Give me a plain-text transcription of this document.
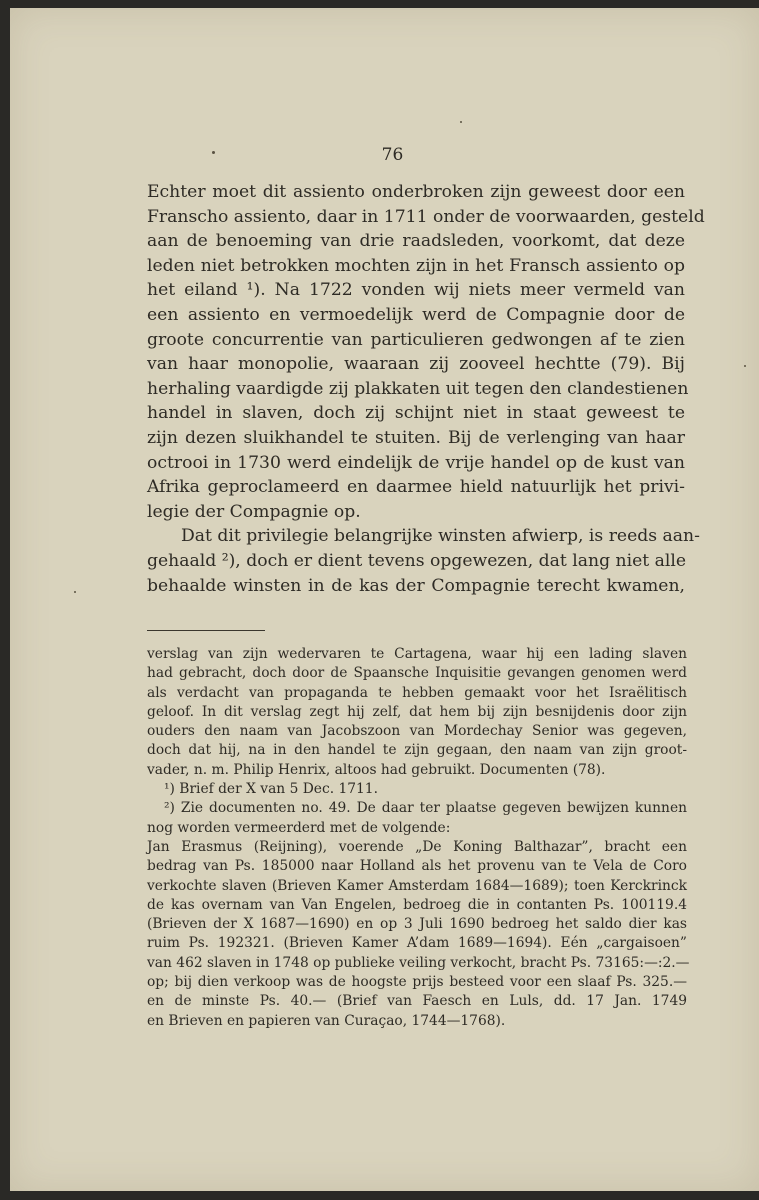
76
Echter moet dit assiento onderbroken zijn geweest door een
Franscho assiento, daar in 1711 onder de voorwaarden, gesteld
aan de benoeming van drie raadsleden, voorkomt, dat deze
leden niet betrokken mochten zijn in het Fransch assiento op
het eiland ¹). Na 1722 vonden wij niets meer vermeld van
een assiento en vermoedelijk werd de Compagnie door de
groote concurrentie van particulieren gedwongen af te zien
van haar monopolie, waaraan zij zooveel hechtte (79). Bij
herhaling vaardigde zij plakkaten uit tegen den clandestienen
handel in slaven, doch zij schijnt niet in staat geweest te
zijn dezen sluikhandel te stuiten. Bij de verlenging van haar
octrooi in 1730 werd eindelijk de vrije handel op de kust van
Afrika geproclameerd en daarmee hield natuurlijk het privi-
legie der Compagnie op.
Dat dit privilegie belangrijke winsten afwierp, is reeds aan-
gehaald ²), doch er dient tevens opgewezen, dat lang niet alle
behaalde winsten in de kas der Compagnie terecht kwamen,
verslag van zijn wedervaren te Cartagena, waar hij een lading slaven
had gebracht, doch door de Spaansche Inquisitie gevangen genomen werd
als verdacht van propaganda te hebben gemaakt voor het Israëlitisch
geloof. In dit verslag zegt hij zelf, dat hem bij zijn besnijdenis door zijn
ouders den naam van Jacobszoon van Mordechay Senior was gegeven,
doch dat hij, na in den handel te zijn gegaan, den naam van zijn groot-
vader, n. m. Philip Henrix, altoos had gebruikt. Documenten (78).
¹) Brief der X van 5 Dec. 1711.
²) Zie documenten no. 49. De daar ter plaatse gegeven bewijzen kunnen
nog worden vermeerderd met de volgende:
Jan Erasmus (Reijning), voerende „De Koning Balthazar”, bracht een
bedrag van Ps. 185000 naar Holland als het provenu van te Vela de Coro
verkochte slaven (Brieven Kamer Amsterdam 1684—1689); toen Kerckrinck
de kas overnam van Van Engelen, bedroeg die in contanten Ps. 100119.4
(Brieven der X 1687—1690) en op 3 Juli 1690 bedroeg het saldo dier kas
ruim Ps. 192321. (Brieven Kamer A’dam 1689—1694). Eén „cargaisoen”
van 462 slaven in 1748 op publieke veiling verkocht, bracht Ps. 73165:—:2.—
op; bij dien verkoop was de hoogste prijs besteed voor een slaaf Ps. 325.—
en de minste Ps. 40.— (Brief van Faesch en Luls, dd. 17 Jan. 1749
en Brieven en papieren van Curaçao, 1744—1768).
